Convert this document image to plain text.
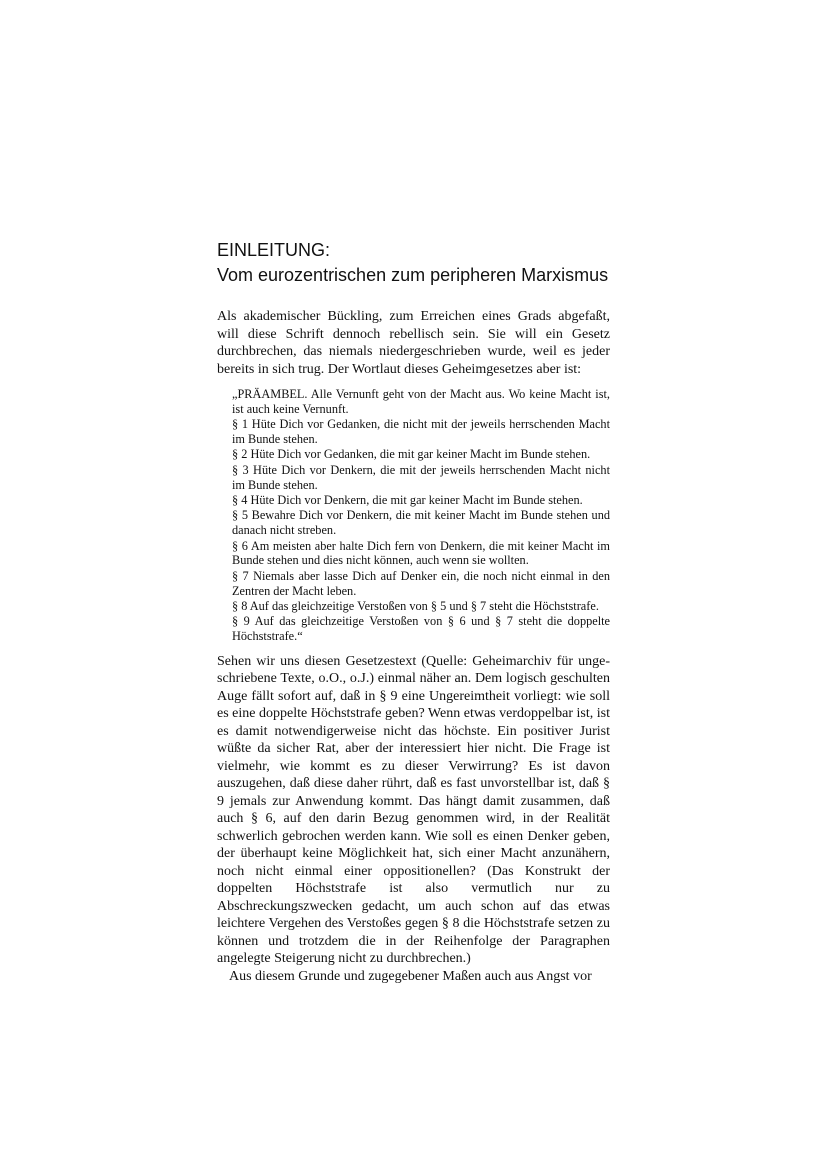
EINLEITUNG:
Vom eurozentrischen zum peripheren Marxismus

Als akademischer Bückling, zum Erreichen eines Grads abgefaßt, will diese Schrift dennoch rebellisch sein. Sie will ein Gesetz durchbrechen, das niemals niedergeschrieben wurde, weil es jeder bereits in sich trug. Der Wortlaut dieses Geheimgesetzes aber ist:

„PRÄAMBEL. Alle Vernunft geht von der Macht aus. Wo keine Macht ist, ist auch keine Vernunft.

§ 1 Hüte Dich vor Gedanken, die nicht mit der jeweils herrschenden Macht im Bunde stehen.

§ 2 Hüte Dich vor Gedanken, die mit gar keiner Macht im Bunde stehen.

§ 3 Hüte Dich vor Denkern, die mit der jeweils herrschenden Macht nicht im Bunde stehen.

§ 4 Hüte Dich vor Denkern, die mit gar keiner Macht im Bunde stehen.

§ 5 Bewahre Dich vor Denkern, die mit keiner Macht im Bunde stehen und danach nicht streben.

§ 6 Am meisten aber halte Dich fern von Denkern, die mit keiner Macht im Bunde stehen und dies nicht können, auch wenn sie wollten.

§ 7 Niemals aber lasse Dich auf Denker ein, die noch nicht einmal in den Zentren der Macht leben.

§ 8 Auf das gleichzeitige Verstoßen von § 5 und § 7 steht die Höchststrafe.

§ 9 Auf das gleichzeitige Verstoßen von § 6 und § 7 steht die doppelte Höchststrafe.“

Sehen wir uns diesen Gesetzestext (Quelle: Geheimarchiv für ungeschriebene Texte, o.O., o.J.) einmal näher an. Dem logisch geschulten Auge fällt sofort auf, daß in § 9 eine Ungereimtheit vorliegt: wie soll es eine doppelte Höchststrafe geben? Wenn etwas verdoppelbar ist, ist es damit notwendigerweise nicht das höchste. Ein positiver Jurist wüßte da sicher Rat, aber der interessiert hier nicht. Die Frage ist vielmehr, wie kommt es zu dieser Verwirrung? Es ist davon auszugehen, daß diese daher rührt, daß es fast unvorstellbar ist, daß § 9 jemals zur Anwendung kommt. Das hängt damit zusammen, daß auch § 6, auf den darin Bezug genommen wird, in der Realität schwerlich gebrochen werden kann. Wie soll es einen Denker geben, der überhaupt keine Möglichkeit hat, sich einer Macht anzunähern, noch nicht einmal einer oppositionellen? (Das Konstrukt der doppelten Höchststrafe ist also vermutlich nur zu Abschreckungszwecken gedacht, um auch schon auf das etwas leichtere Vergehen des Verstoßes gegen § 8 die Höchststrafe setzen zu können und trotzdem die in der Reihenfolge der Paragraphen angelegte Steigerung nicht zu durchbrechen.)

Aus diesem Grunde und zugegebener Maßen auch aus Angst vor
